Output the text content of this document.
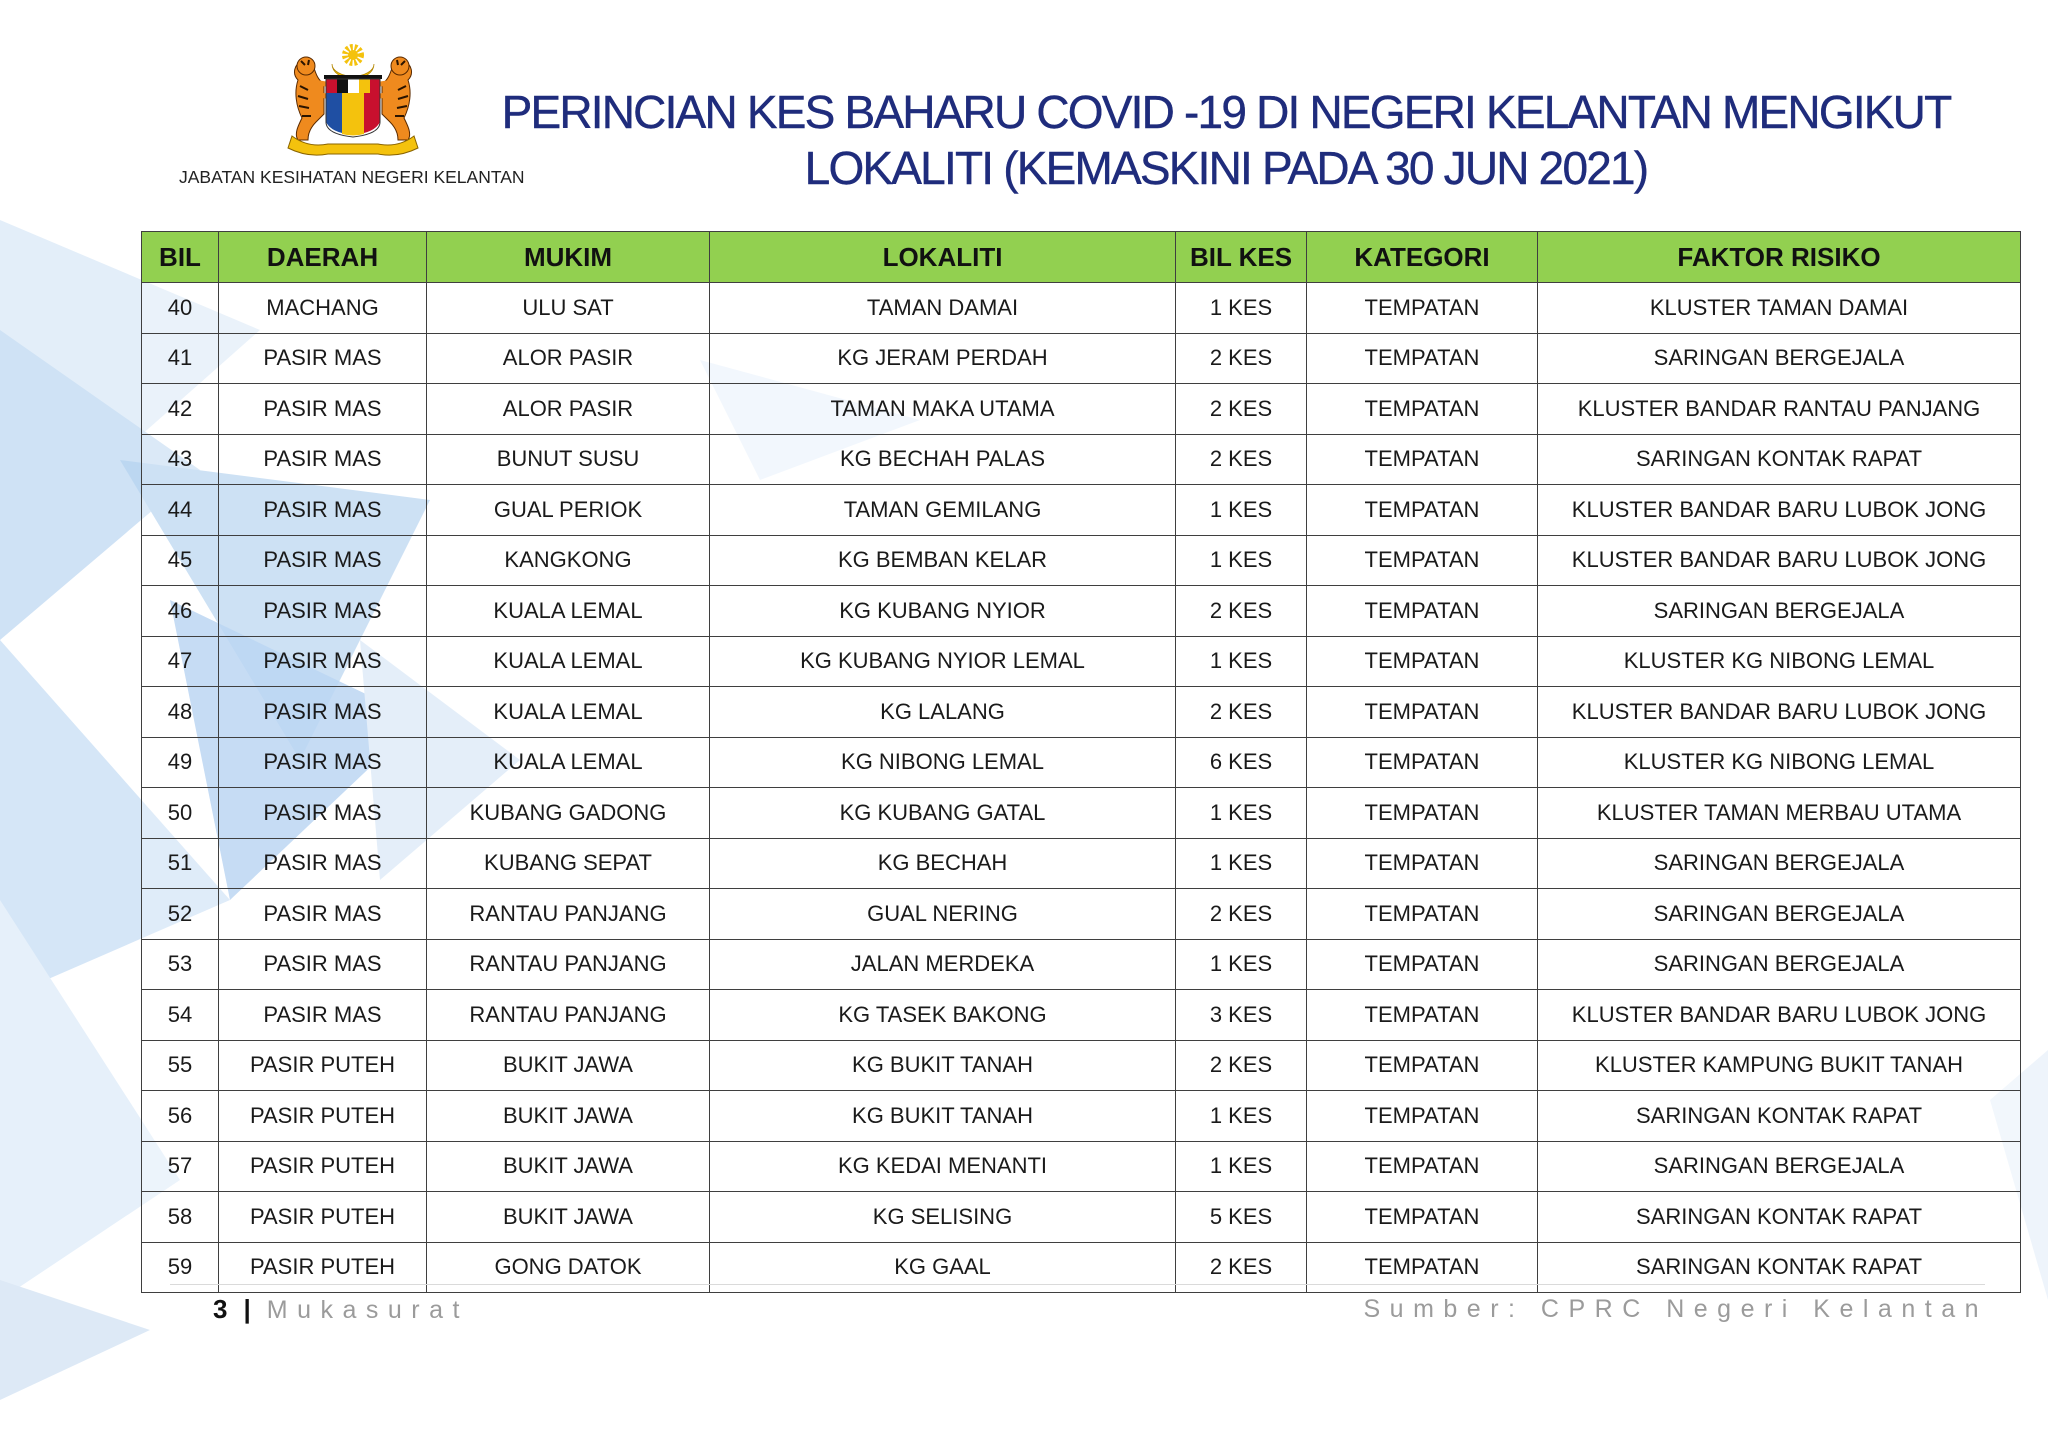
JABATAN KESIHATAN NEGERI KELANTAN
PERINCIAN KES BAHARU COVID -19 DI NEGERI KELANTAN MENGIKUT
LOKALITI (KEMASKINI PADA 30 JUN 2021)
BIL	DAERAH	MUKIM	LOKALITI	BIL KES	KATEGORI	FAKTOR RISIKO
40	MACHANG	ULU SAT	TAMAN DAMAI	1 KES	TEMPATAN	KLUSTER TAMAN DAMAI
41	PASIR MAS	ALOR PASIR	KG JERAM PERDAH	2 KES	TEMPATAN	SARINGAN BERGEJALA
42	PASIR MAS	ALOR PASIR	TAMAN MAKA UTAMA	2 KES	TEMPATAN	KLUSTER BANDAR RANTAU PANJANG
43	PASIR MAS	BUNUT SUSU	KG BECHAH PALAS	2 KES	TEMPATAN	SARINGAN KONTAK RAPAT
44	PASIR MAS	GUAL PERIOK	TAMAN GEMILANG	1 KES	TEMPATAN	KLUSTER BANDAR BARU LUBOK JONG
45	PASIR MAS	KANGKONG	KG BEMBAN KELAR	1 KES	TEMPATAN	KLUSTER BANDAR BARU LUBOK JONG
46	PASIR MAS	KUALA LEMAL	KG KUBANG NYIOR	2 KES	TEMPATAN	SARINGAN BERGEJALA
47	PASIR MAS	KUALA LEMAL	KG KUBANG NYIOR LEMAL	1 KES	TEMPATAN	KLUSTER KG NIBONG LEMAL
48	PASIR MAS	KUALA LEMAL	KG LALANG	2 KES	TEMPATAN	KLUSTER BANDAR BARU LUBOK JONG
49	PASIR MAS	KUALA LEMAL	KG NIBONG LEMAL	6 KES	TEMPATAN	KLUSTER KG NIBONG LEMAL
50	PASIR MAS	KUBANG GADONG	KG KUBANG GATAL	1 KES	TEMPATAN	KLUSTER TAMAN MERBAU UTAMA
51	PASIR MAS	KUBANG SEPAT	KG BECHAH	1 KES	TEMPATAN	SARINGAN BERGEJALA
52	PASIR MAS	RANTAU PANJANG	GUAL NERING	2 KES	TEMPATAN	SARINGAN BERGEJALA
53	PASIR MAS	RANTAU PANJANG	JALAN MERDEKA	1 KES	TEMPATAN	SARINGAN BERGEJALA
54	PASIR MAS	RANTAU PANJANG	KG TASEK BAKONG	3 KES	TEMPATAN	KLUSTER BANDAR BARU LUBOK JONG
55	PASIR PUTEH	BUKIT JAWA	KG BUKIT TANAH	2 KES	TEMPATAN	KLUSTER KAMPUNG BUKIT TANAH
56	PASIR PUTEH	BUKIT JAWA	KG BUKIT TANAH	1 KES	TEMPATAN	SARINGAN KONTAK RAPAT
57	PASIR PUTEH	BUKIT JAWA	KG KEDAI MENANTI	1 KES	TEMPATAN	SARINGAN BERGEJALA
58	PASIR PUTEH	BUKIT JAWA	KG SELISING	5 KES	TEMPATAN	SARINGAN KONTAK RAPAT
59	PASIR PUTEH	GONG DATOK	KG GAAL	2 KES	TEMPATAN	SARINGAN KONTAK RAPAT
3 | Mukasurat	Sumber: CPRC Negeri Kelantan
